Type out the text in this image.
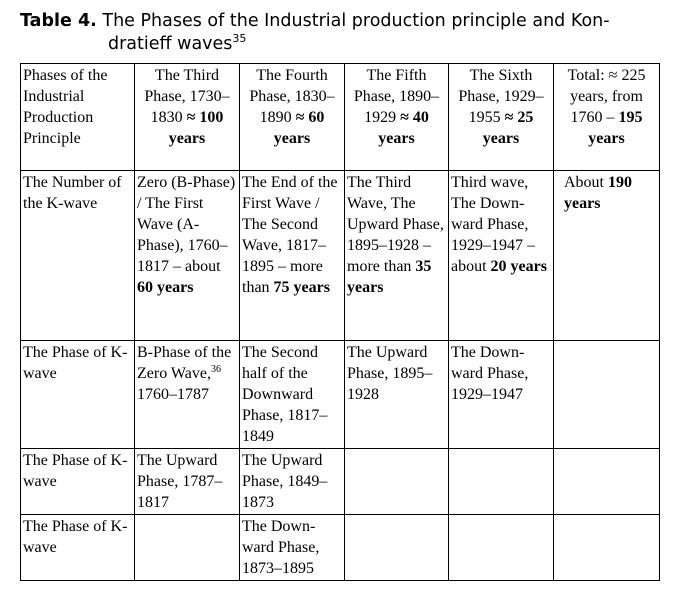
Table 4. The Phases of the Industrial production principle and Kon-
dratieff waves$^{35}$
Phases of the Industrial Production Principle	The Third Phase, 1730–1830 ≈ 100 years	The Fourth Phase, 1830–1890 ≈ 60 years	The Fifth Phase, 1890–1929 ≈ 40 years	The Sixth Phase, 1929–1955 ≈ 25 years	Total: ≈ 225 years, from 1760 – 195 years
The Number of the K-wave	Zero (B-Phase) / The First Wave (A-Phase), 1760–1817 – about 60 years	The End of the First Wave / The Second Wave, 1817–1895 – more than 75 years	The Third Wave, The Upward Phase, 1895–1928 – more than 35 years	Third wave, The Down-ward Phase, 1929–1947 – about 20 years	About 190 years
The Phase of K-wave	B-Phase of the Zero Wave,$^{36}$ 1760–1787	The Second half of the Downward Phase, 1817–1849	The Upward Phase, 1895–1928	The Down-ward Phase, 1929–1947	
The Phase of K-wave	The Upward Phase, 1787–1817	The Upward Phase, 1849–1873			
The Phase of K-wave		The Down-ward Phase, 1873–1895			
